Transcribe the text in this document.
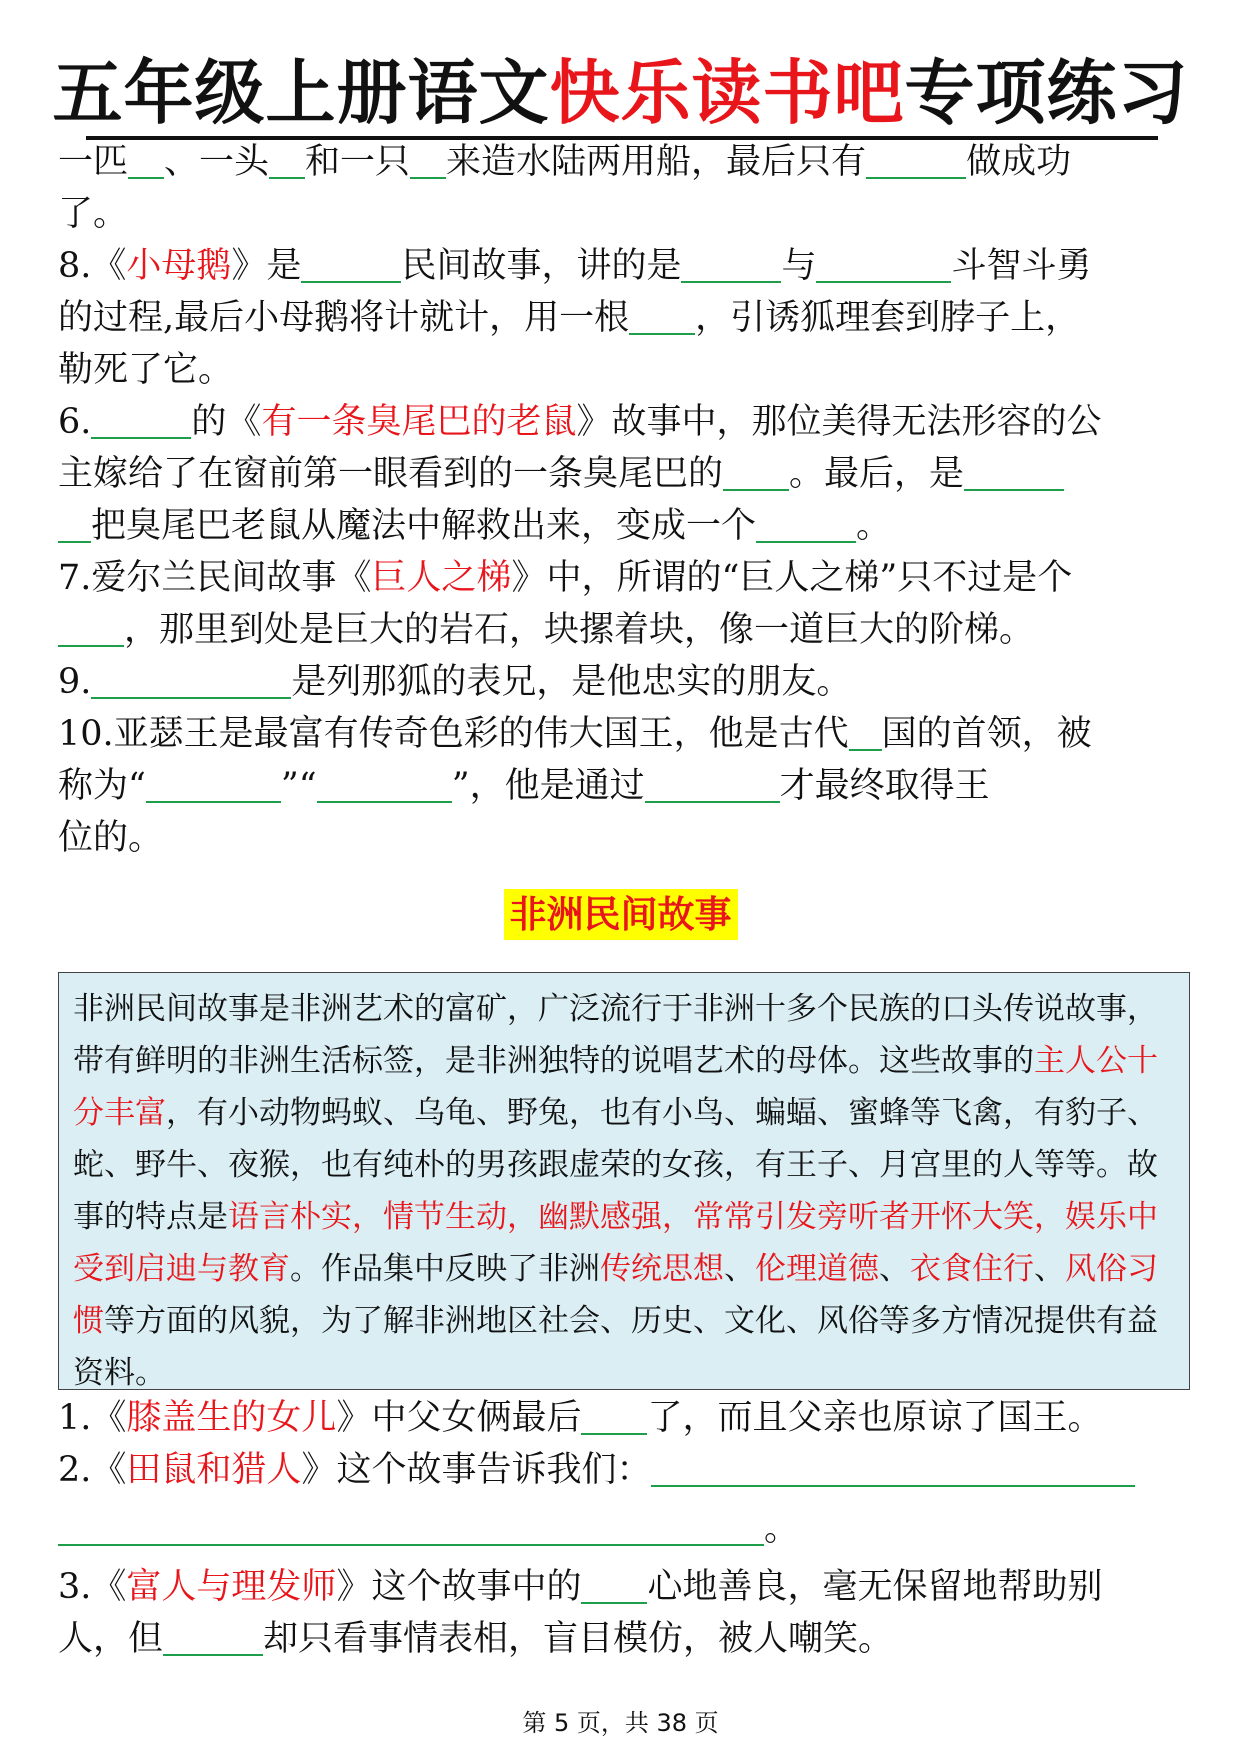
五年级上册语文快乐读书吧专项练习

一匹 、一头 和一只 来造水陆两用船，最后只有	做成功
了。

8.《小母鹅》是	民间故事，讲的是	与	斗智斗勇
的过程,最后小母鹅将计就计，用一根 ，引诱狐理套到脖子上，
勒死了它。

6.	的《有一条臭尾巴的老鼠》故事中，那位美得无法形容的公
主嫁给了在窗前第一眼看到的一条臭尾巴的 。最后，是
把臭尾巴老鼠从魔法中解救出来，变成一个	。

7.爱尔兰民间故事《巨人之梯》中，所谓的“巨人之梯”只不过是个
，那里到处是巨大的岩石，块摞着块，像一道巨大的阶梯。

9.	是列那狐的表兄，是他忠实的朋友。

10.亚瑟王是最富有传奇色彩的伟大国王，他是古代 国的首领，被
称为“	”“	”，他是通过	才最终取得王
位的。

非洲民间故事
非洲民间故事是非洲艺术的富矿，广泛流行于非洲十多个民族的口头传说故事，带有鲜明的非洲生活标签，是非洲独特的说唱艺术的母体。这些故事的主人公十分丰富，有小动物蚂蚁、乌龟、野兔，也有小鸟、蝙蝠、蜜蜂等飞禽，有豹子、蛇、野牛、夜猴，也有纯朴的男孩跟虚荣的女孩，有王子、月宫里的人等等。故事的特点是语言朴实，情节生动，幽默感强，常常引发旁听者开怀大笑，娱乐中受到启迪与教育。作品集中反映了非洲传统思想、伦理道德、衣食住行、风俗习惯等方面的风貌，为了解非洲地区社会、历史、文化、风俗等多方情况提供有益资料。

1.《膝盖生的女儿》中父女俩最后 了，而且父亲也原谅了国王。

2.《田鼠和猎人》这个故事告诉我们：
。

3.《富人与理发师》这个故事中的 心地善良，毫无保留地帮助别
人，但	却只看事情表相，盲目模仿，被人嘲笑。

第 5 页，共 38 页
